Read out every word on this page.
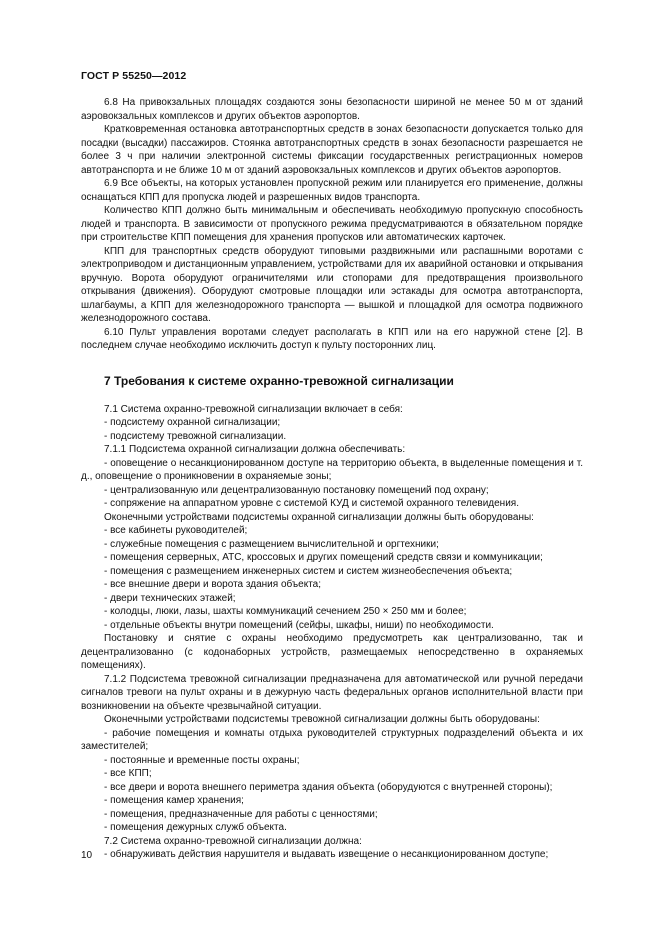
ГОСТ Р 55250—2012

6.8 На привокзальных площадях создаются зоны безопасности шириной не менее 50 м от зданий аэровокзальных комплексов и других объектов аэропортов.

Кратковременная остановка автотранспортных средств в зонах безопасности допускается только для посадки (высадки) пассажиров. Стоянка автотранспортных средств в зонах безопасности разрешается не более 3 ч при наличии электронной системы фиксации государственных регистрационных номеров автотранспорта и не ближе 10 м от зданий аэровокзальных комплексов и других объектов аэропортов.

6.9 Все объекты, на которых установлен пропускной режим или планируется его применение, должны оснащаться КПП для пропуска людей и разрешенных видов транспорта.

Количество КПП должно быть минимальным и обеспечивать необходимую пропускную способность людей и транспорта. В зависимости от пропускного режима предусматриваются в обязательном порядке при строительстве КПП помещения для хранения пропусков или автоматических карточек.

КПП для транспортных средств оборудуют типовыми раздвижными или распашными воротами с электроприводом и дистанционным управлением, устройствами для их аварийной остановки и открывания вручную. Ворота оборудуют ограничителями или стопорами для предотвращения произвольного открывания (движения). Оборудуют смотровые площадки или эстакады для осмотра автотранспорта, шлагбаумы, а КПП для железнодорожного транспорта — вышкой и площадкой для осмотра подвижного железнодорожного состава.

6.10 Пульт управления воротами следует располагать в КПП или на его наружной стене [2]. В последнем случае необходимо исключить доступ к пульту посторонних лиц.

7 Требования к системе охранно-тревожной сигнализации

7.1 Система охранно-тревожной сигнализации включает в себя:

- подсистему охранной сигнализации;

- подсистему тревожной сигнализации.

7.1.1 Подсистема охранной сигнализации должна обеспечивать:

- оповещение о несанкционированном доступе на территорию объекта, в выделенные помещения и т. д., оповещение о проникновении в охраняемые зоны;

- централизованную или децентрализованную постановку помещений под охрану;

- сопряжение на аппаратном уровне с системой КУД и системой охранного телевидения.

Оконечными устройствами подсистемы охранной сигнализации должны быть оборудованы:

- все кабинеты руководителей;

- служебные помещения с размещением вычислительной и оргтехники;

- помещения серверных, АТС, кроссовых и других помещений средств связи и коммуникации;

- помещения с размещением инженерных систем и систем жизнеобеспечения объекта;

- все внешние двери и ворота здания объекта;

- двери технических этажей;

- колодцы, люки, лазы, шахты коммуникаций сечением 250 × 250 мм и более;

- отдельные объекты внутри помещений (сейфы, шкафы, ниши) по необходимости.

Постановку и снятие с охраны необходимо предусмотреть как централизованно, так и децентрализованно (с кодонаборных устройств, размещаемых непосредственно в охраняемых помещениях).

7.1.2 Подсистема тревожной сигнализации предназначена для автоматической или ручной передачи сигналов тревоги на пульт охраны и в дежурную часть федеральных органов исполнительной власти при возникновении на объекте чрезвычайной ситуации.

Оконечными устройствами подсистемы тревожной сигнализации должны быть оборудованы:

- рабочие помещения и комнаты отдыха руководителей структурных подразделений объекта и их заместителей;

- постоянные и временные посты охраны;

- все КПП;

- все двери и ворота внешнего периметра здания объекта (оборудуются с внутренней стороны);

- помещения камер хранения;

- помещения, предназначенные для работы с ценностями;

- помещения дежурных служб объекта.

7.2 Система охранно-тревожной сигнализации должна:

- обнаруживать действия нарушителя и выдавать извещение о несанкционированном доступе;

10
